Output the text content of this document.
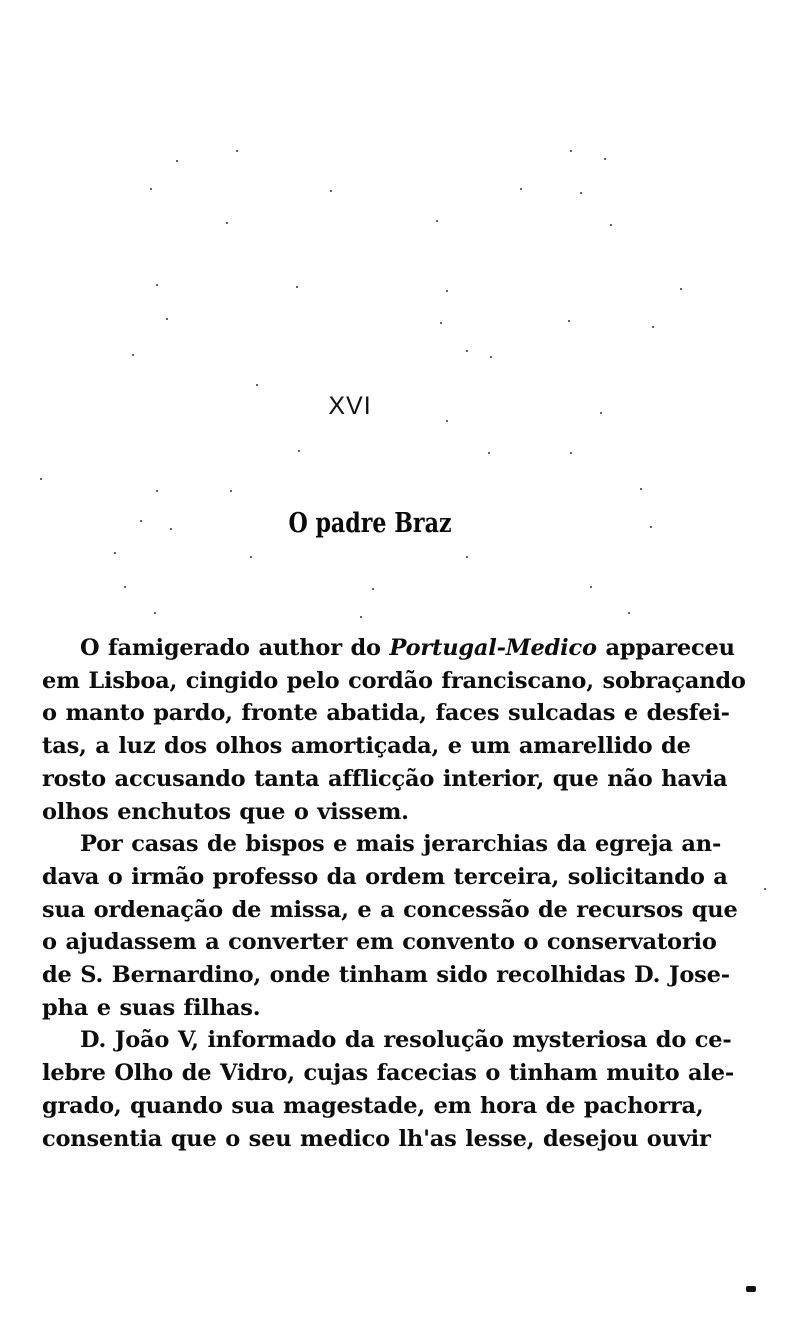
XVI
O padre Braz
O famigerado author do Portugal-Medico appareceu
em Lisboa, cingido pelo cordão franciscano, sobraçando
o manto pardo, fronte abatida, faces sulcadas e desfei-
tas, a luz dos olhos amortiçada, e um amarellido de
rosto accusando tanta afflicção interior, que não havia
olhos enchutos que o vissem.
Por casas de bispos e mais jerarchias da egreja an-
dava o irmão professo da ordem terceira, solicitando a
sua ordenação de missa, e a concessão de recursos que
o ajudassem a converter em convento o conservatorio
de S. Bernardino, onde tinham sido recolhidas D. Jose-
pha e suas filhas.
D. João V, informado da resolução mysteriosa do ce-
lebre Olho de Vidro, cujas facecias o tinham muito ale-
grado, quando sua magestade, em hora de pachorra,
consentia que o seu medico lh'as lesse, desejou ouvir
